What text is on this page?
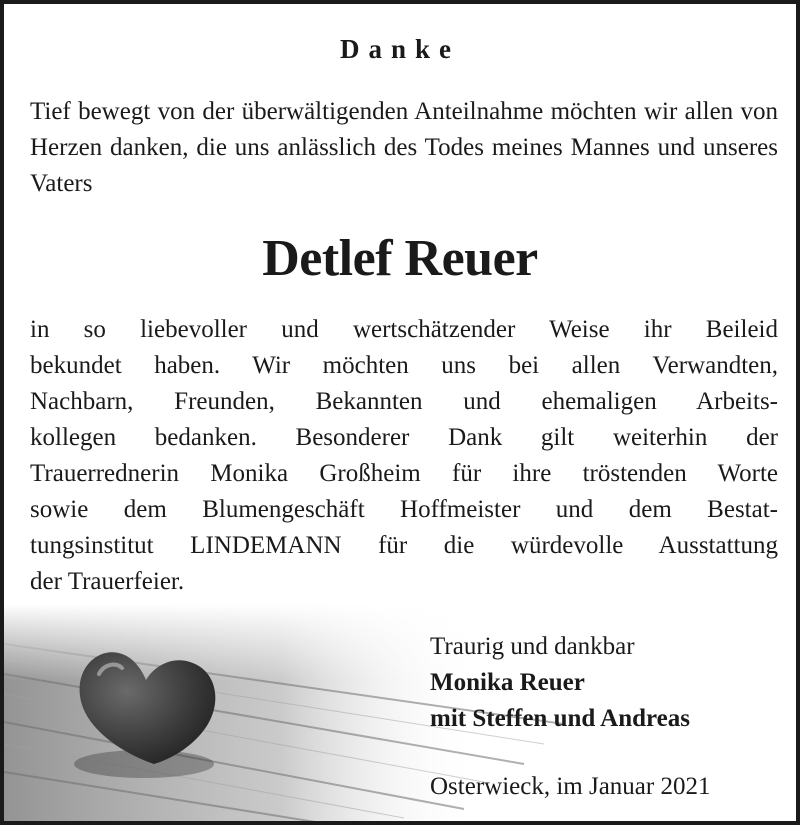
Danke
Tief bewegt von der überwältigenden Anteilnahme möchten wir allen von Herzen danken, die uns anlässlich des Todes meines Mannes und unseres Vaters
Detlef Reuer
in so liebevoller und wertschätzender Weise ihr Beileid
bekundet haben. Wir möchten uns bei allen Verwandten,
Nachbarn, Freunden, Bekannten und ehemaligen Arbeits-
kollegen bedanken. Besonderer Dank gilt weiterhin der
Trauerrednerin Monika Großheim für ihre tröstenden Worte
sowie dem Blumengeschäft Hoffmeister und dem Bestat-
tungsinstitut LINDEMANN für die würdevolle Ausstattung
der Trauerfeier.
Traurig und dankbar
Monika Reuer
mit Steffen und Andreas
Osterwieck, im Januar 2021
